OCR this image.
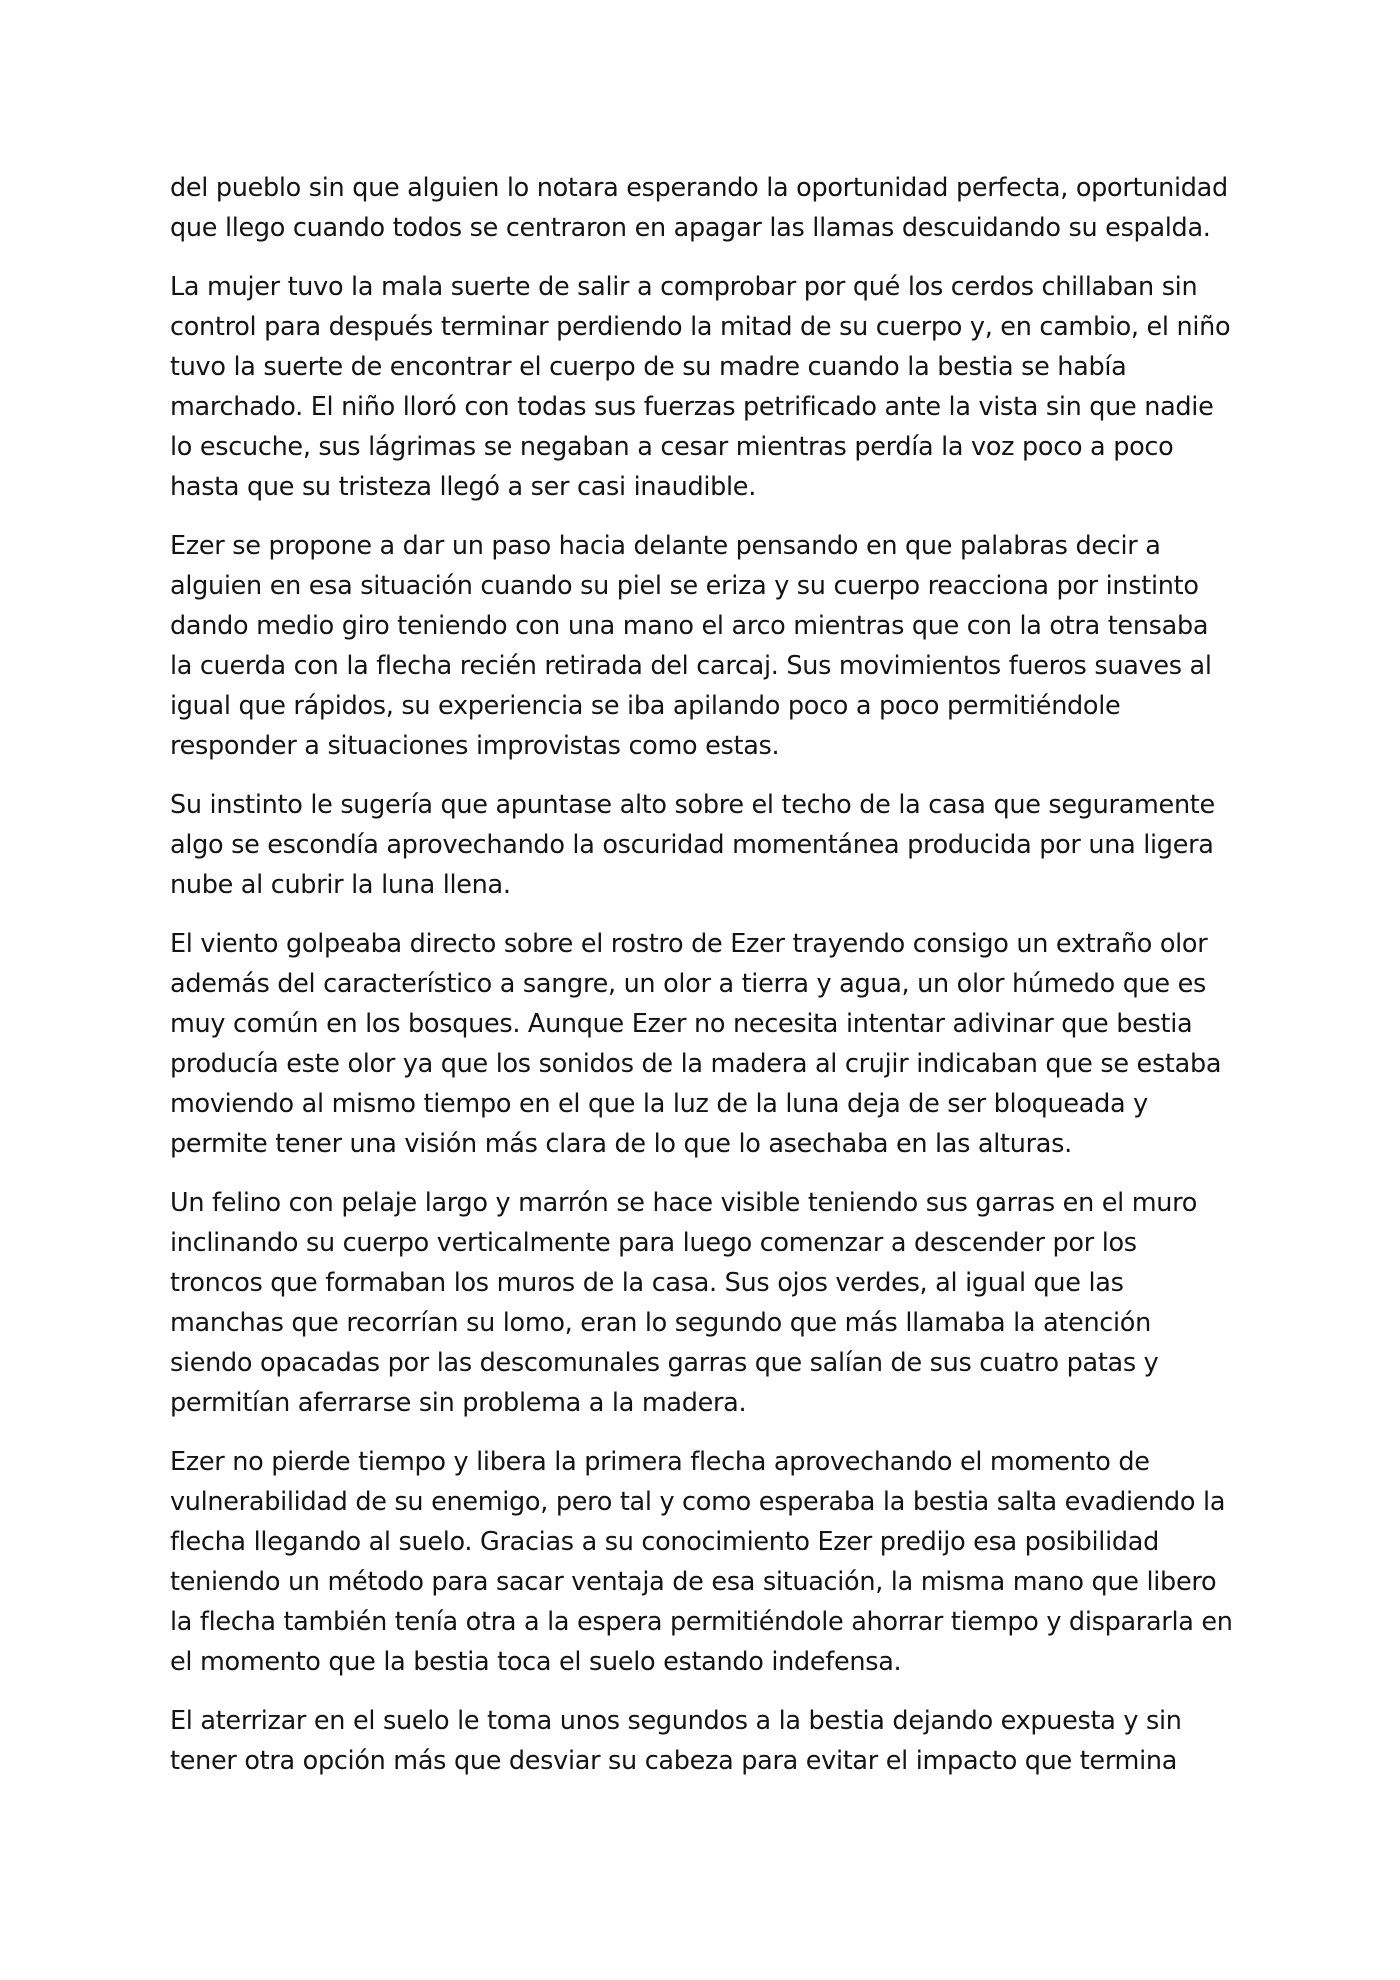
del pueblo sin que alguien lo notara esperando la oportunidad perfecta, oportunidad que llego cuando todos se centraron en apagar las llamas descuidando su espalda.

La mujer tuvo la mala suerte de salir a comprobar por qué los cerdos chillaban sin control para después terminar perdiendo la mitad de su cuerpo y, en cambio, el niño tuvo la suerte de encontrar el cuerpo de su madre cuando la bestia se había marchado. El niño lloró con todas sus fuerzas petrificado ante la vista sin que nadie lo escuche, sus lágrimas se negaban a cesar mientras perdía la voz poco a poco hasta que su tristeza llegó a ser casi inaudible.

Ezer se propone a dar un paso hacia delante pensando en que palabras decir a alguien en esa situación cuando su piel se eriza y su cuerpo reacciona por instinto dando medio giro teniendo con una mano el arco mientras que con la otra tensaba la cuerda con la flecha recién retirada del carcaj. Sus movimientos fueros suaves al igual que rápidos, su experiencia se iba apilando poco a poco permitiéndole responder a situaciones improvistas como estas.

Su instinto le sugería que apuntase alto sobre el techo de la casa que seguramente algo se escondía aprovechando la oscuridad momentánea producida por una ligera nube al cubrir la luna llena.

El viento golpeaba directo sobre el rostro de Ezer trayendo consigo un extraño olor además del característico a sangre, un olor a tierra y agua, un olor húmedo que es muy común en los bosques. Aunque Ezer no necesita intentar adivinar que bestia producía este olor ya que los sonidos de la madera al crujir indicaban que se estaba moviendo al mismo tiempo en el que la luz de la luna deja de ser bloqueada y permite tener una visión más clara de lo que lo asechaba en las alturas.

Un felino con pelaje largo y marrón se hace visible teniendo sus garras en el muro inclinando su cuerpo verticalmente para luego comenzar a descender por los troncos que formaban los muros de la casa. Sus ojos verdes, al igual que las manchas que recorrían su lomo, eran lo segundo que más llamaba la atención siendo opacadas por las descomunales garras que salían de sus cuatro patas y permitían aferrarse sin problema a la madera.

Ezer no pierde tiempo y libera la primera flecha aprovechando el momento de vulnerabilidad de su enemigo, pero tal y como esperaba la bestia salta evadiendo la flecha llegando al suelo. Gracias a su conocimiento Ezer predijo esa posibilidad teniendo un método para sacar ventaja de esa situación, la misma mano que libero la flecha también tenía otra a la espera permitiéndole ahorrar tiempo y dispararla en el momento que la bestia toca el suelo estando indefensa.

El aterrizar en el suelo le toma unos segundos a la bestia dejando expuesta y sin tener otra opción más que desviar su cabeza para evitar el impacto que termina
